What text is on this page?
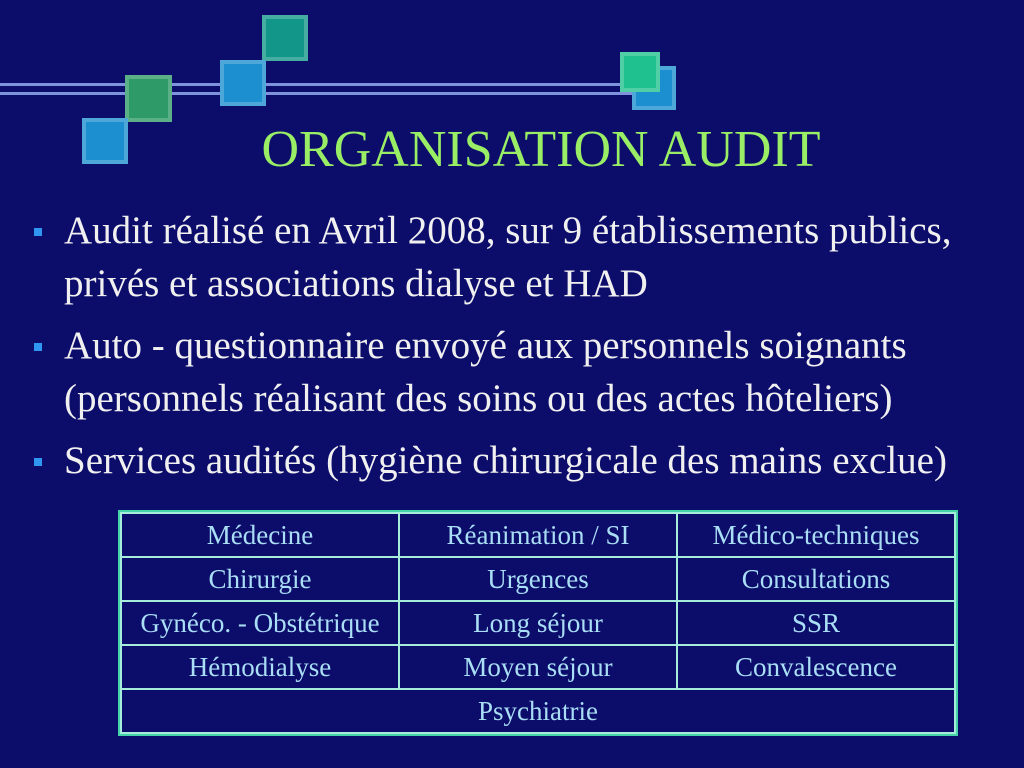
ORGANISATION AUDIT
Audit réalisé en Avril 2008, sur 9 établissements publics,
privés et associations dialyse et HAD
Auto - questionnaire envoyé aux personnels soignants
(personnels réalisant des soins ou des actes hôteliers)
Services audités (hygiène chirurgicale des mains exclue)
Médecine	Réanimation / SI	Médico-techniques
Chirurgie	Urgences	Consultations
Gynéco. - Obstétrique	Long séjour	SSR
Hémodialyse	Moyen séjour	Convalescence
Psychiatrie		
